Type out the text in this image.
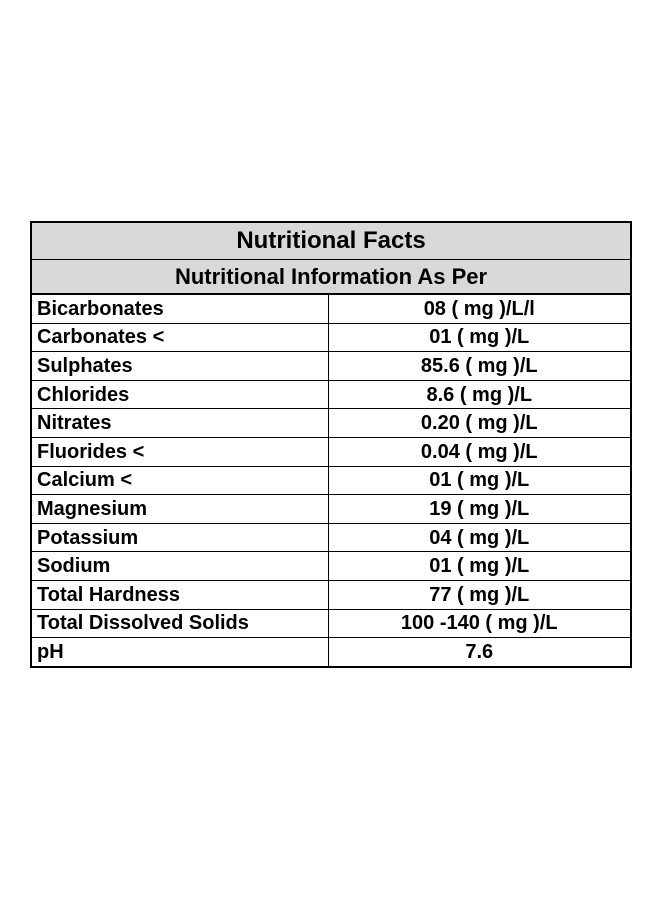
Nutritional Facts	
Nutritional Information As Per	
Bicarbonates	08 ( mg )/L/l
Carbonates <	01 ( mg )/L
Sulphates	85.6 ( mg )/L
Chlorides	8.6 ( mg )/L
Nitrates	0.20 ( mg )/L
Fluorides <	0.04 ( mg )/L
Calcium <	01 ( mg )/L
Magnesium	19 ( mg )/L
Potassium	04 ( mg )/L
Sodium	01 ( mg )/L
Total Hardness	77 ( mg )/L
Total Dissolved Solids	100 -140 ( mg )/L
pH	7.6
